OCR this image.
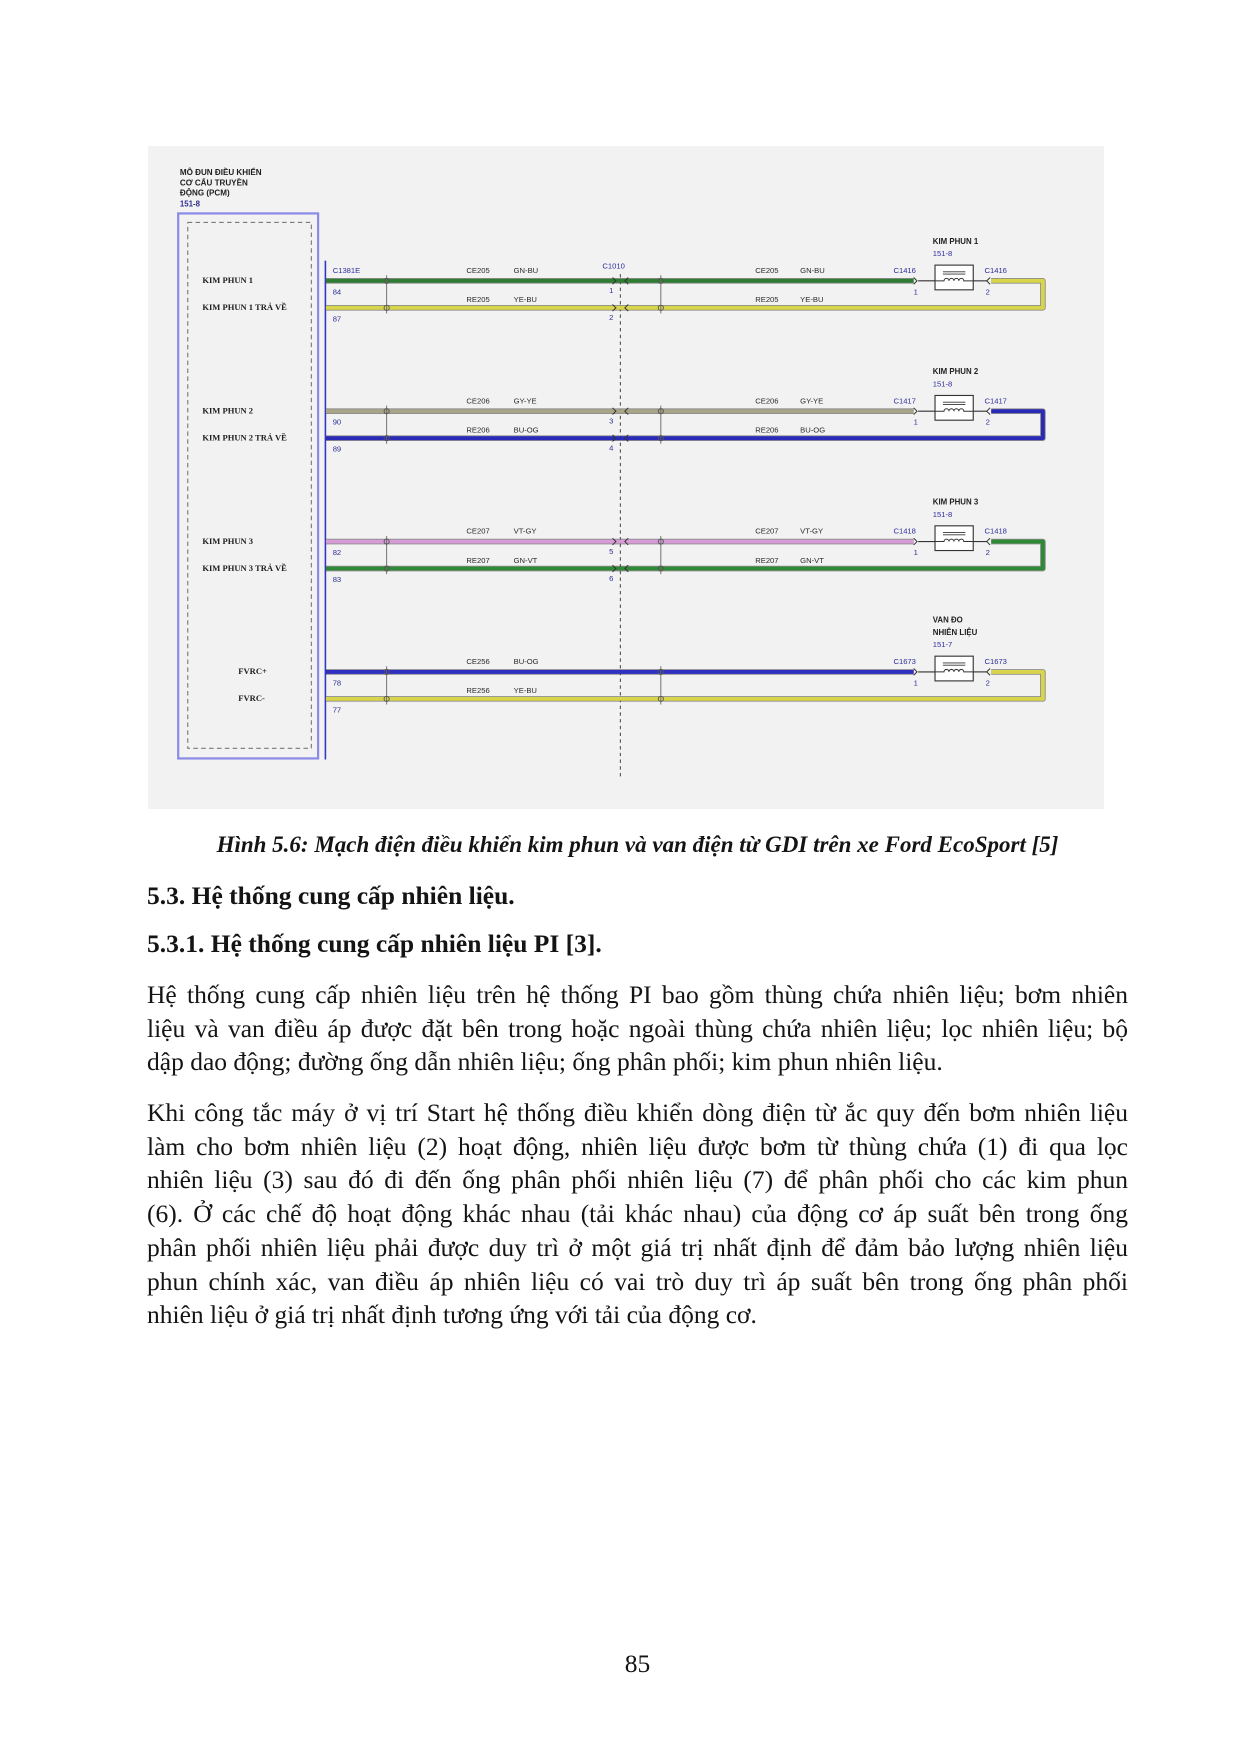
MÔ ĐUN ĐIỀU KHIỂN
CƠ CẤU TRUYỀN
ĐỘNG (PCM)
151-8
C1381E	C1010
1
2
KIM PHUN 1
KIM PHUN 1 TRẢ VỀ
84
87
CE205	GN-BU
RE205	YE-BU
CE205	GN-BU
RE205	YE-BU
C1416
1
C1416
2
KIM PHUN 1
151-8
3
4
KIM PHUN 2
KIM PHUN 2 TRẢ VỀ
90
89
CE206	GY-YE
RE206	BU-OG
CE206	GY-YE
RE206	BU-OG
C1417
1
C1417
2
KIM PHUN 2
151-8
5
6
KIM PHUN 3
KIM PHUN 3 TRẢ VỀ
82
83
CE207	VT-GY
RE207	GN-VT
CE207	VT-GY
RE207	GN-VT
C1418
1
C1418
2
KIM PHUN 3
151-8
FVRC+
FVRC-
78
77
CE256	BU-OG
RE256	YE-BU
C1673
1
C1673
2
VAN ĐO
NHIÊN LIỆU
151-7
Hình 5.6: Mạch điện điều khiển kim phun và van điện từ GDI trên xe Ford EcoSport [5]
5.3. Hệ thống cung cấp nhiên liệu.
5.3.1. Hệ thống cung cấp nhiên liệu PI [3].
Hệ thống cung cấp nhiên liệu trên hệ thống PI bao gồm thùng chứa nhiên liệu; bơm nhiên
liệu và van điều áp được đặt bên trong hoặc ngoài thùng chứa nhiên liệu; lọc nhiên liệu; bộ
dập dao động; đường ống dẫn nhiên liệu; ống phân phối; kim phun nhiên liệu.
Khi công tắc máy ở vị trí Start hệ thống điều khiển dòng điện từ ắc quy đến bơm nhiên liệu
làm cho bơm nhiên liệu (2) hoạt động, nhiên liệu được bơm từ thùng chứa (1) đi qua lọc
nhiên liệu (3) sau đó đi đến ống phân phối nhiên liệu (7) để phân phối cho các kim phun
(6). Ở các chế độ hoạt động khác nhau (tải khác nhau) của động cơ áp suất bên trong ống
phân phối nhiên liệu phải được duy trì ở một giá trị nhất định để đảm bảo lượng nhiên liệu
phun chính xác, van điều áp nhiên liệu có vai trò duy trì áp suất bên trong ống phân phối
nhiên liệu ở giá trị nhất định tương ứng với tải của động cơ.
85
